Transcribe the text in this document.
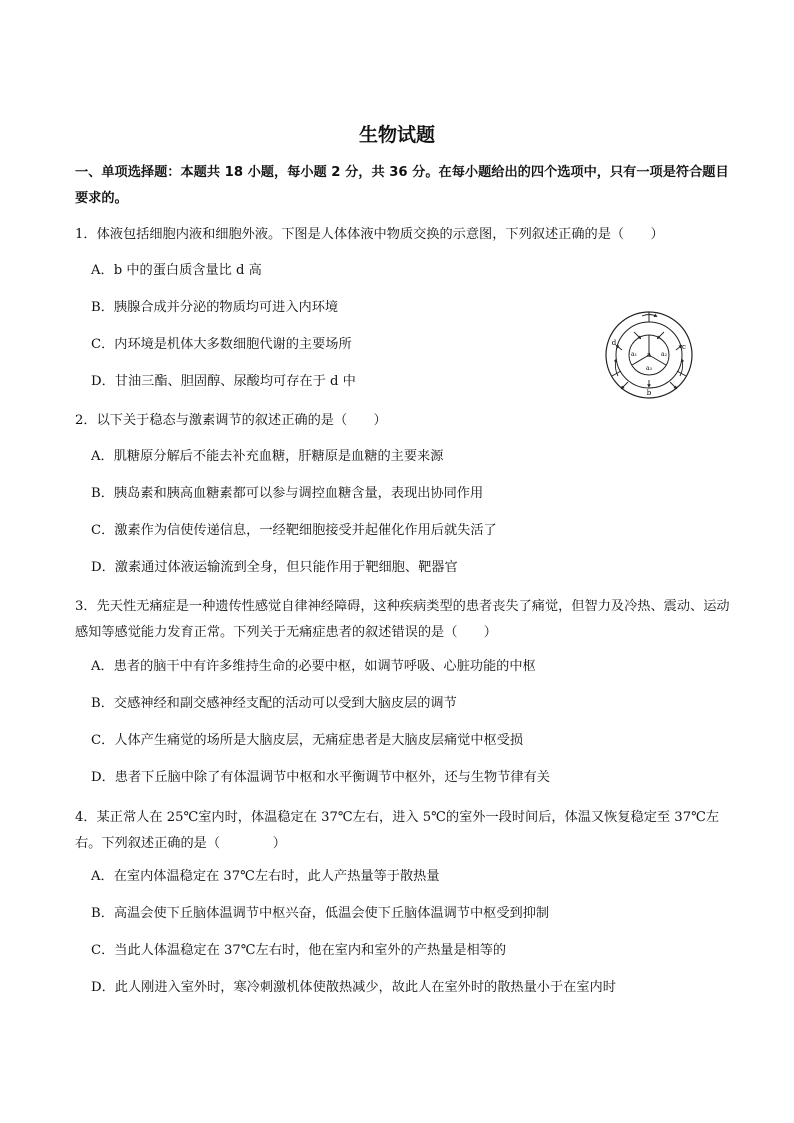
生物试题
一、单项选择题：本题共 18 小题，每小题 2 分，共 36 分。在每小题给出的四个选项中，只有一项是符合题目要求的。
1．体液包括细胞内液和细胞外液。下图是人体体液中物质交换的示意图，下列叙述正确的是（　　）
A．b 中的蛋白质含量比 d 高
B．胰腺合成并分泌的物质均可进入内环境
C．内环境是机体大多数细胞代谢的主要场所
D．甘油三酯、胆固醇、尿酸均可存在于 d 中
a
b
c
d
a₁	a₂
a₃
2．以下关于稳态与激素调节的叙述正确的是（　　）
A．肌糖原分解后不能去补充血糖，肝糖原是血糖的主要来源
B．胰岛素和胰高血糖素都可以参与调控血糖含量，表现出协同作用
C．激素作为信使传递信息，一经靶细胞接受并起催化作用后就失活了
D．激素通过体液运输流到全身，但只能作用于靶细胞、靶器官
3．先天性无痛症是一种遗传性感觉自律神经障碍，这种疾病类型的患者丧失了痛觉，但智力及冷热、震动、运动感知等感觉能力发育正常。下列关于无痛症患者的叙述错误的是（　　）
A．患者的脑干中有许多维持生命的必要中枢，如调节呼吸、心脏功能的中枢
B．交感神经和副交感神经支配的活动可以受到大脑皮层的调节
C．人体产生痛觉的场所是大脑皮层，无痛症患者是大脑皮层痛觉中枢受损
D．患者下丘脑中除了有体温调节中枢和水平衡调节中枢外，还与生物节律有关
4．某正常人在 25℃室内时，体温稳定在 37℃左右，进入 5℃的室外一段时间后，体温又恢复稳定至 37℃左右。下列叙述正确的是（　　　　）
A．在室内体温稳定在 37℃左右时，此人产热量等于散热量
B．高温会使下丘脑体温调节中枢兴奋，低温会使下丘脑体温调节中枢受到抑制
C．当此人体温稳定在 37℃左右时，他在室内和室外的产热量是相等的
D．此人刚进入室外时，寒冷刺激机体使散热减少，故此人在室外时的散热量小于在室内时
